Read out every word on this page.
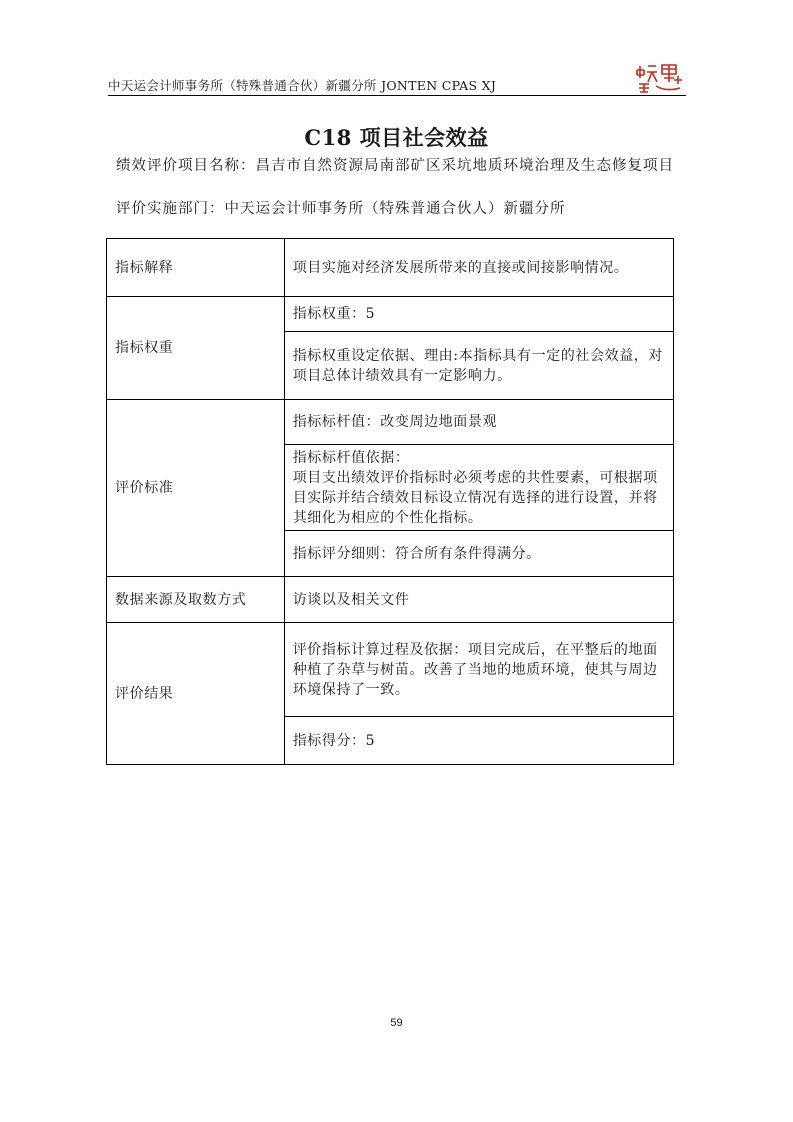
中天运会计师事务所（特殊普通合伙）新疆分所 JONTEN CPAS XJ
C18 项目社会效益
绩效评价项目名称：昌吉市自然资源局南部矿区采坑地质环境治理及生态修复项目
评价实施部门：中天运会计师事务所（特殊普通合伙人）新疆分所
指标解释	项目实施对经济发展所带来的直接或间接影响情况。
指标权重	指标权重：5
	指标权重设定依据、理由:本指标具有一定的社会效益，对项目总体计绩效具有一定影响力。
评价标准	指标标杆值：改变周边地面景观

	指标标杆值依据：
项目支出绩效评价指标时必须考虑的共性要素，可根据项目实际并结合绩效目标设立情况有选择的进行设置，并将其细化为相应的个性化指标。

	指标评分细则：符合所有条件得满分。
数据来源及取数方式	访谈以及相关文件
评价结果	评价指标计算过程及依据：项目完成后，在平整后的地面种植了杂草与树苗。改善了当地的地质环境，使其与周边环境保持了一致。
	指标得分：5
59
